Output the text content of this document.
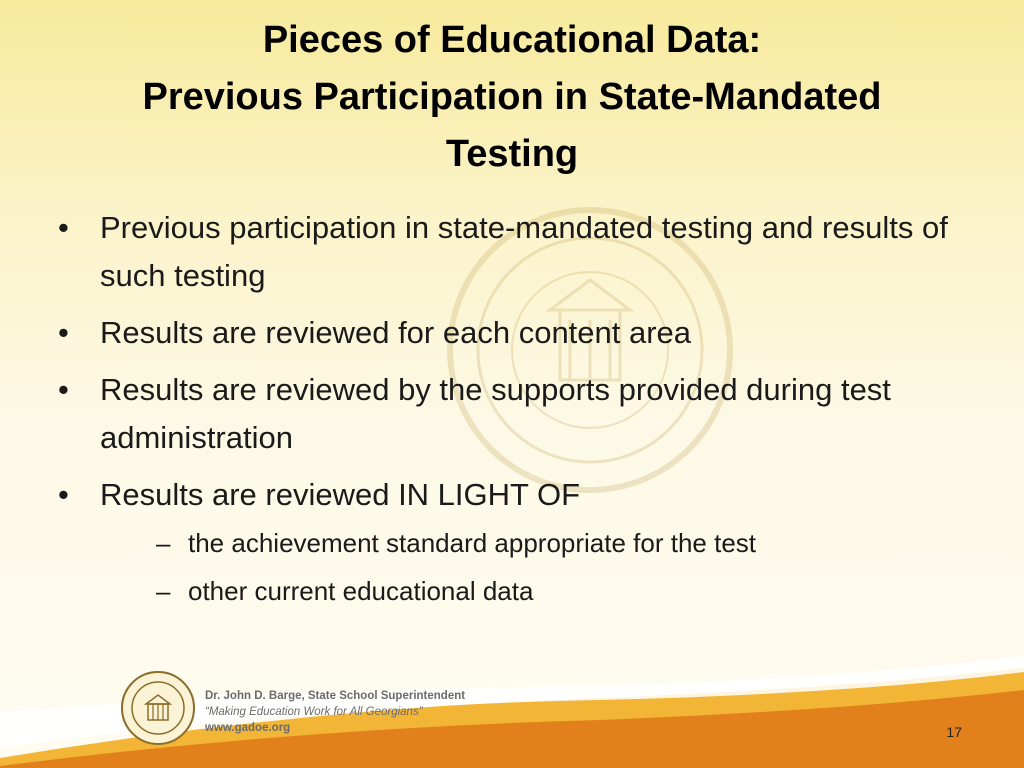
Pieces of Educational Data:
Previous Participation in State-Mandated
Testing
• Previous participation in state-mandated testing and results of such testing
• Results are reviewed for each content area
• Results are reviewed by the supports provided during test administration
• Results are reviewed IN LIGHT OF
– the achievement standard appropriate for the test
– other current educational data
Dr. John D. Barge, State School Superintendent
“Making Education Work for All Georgians”
www.gadoe.org	17
